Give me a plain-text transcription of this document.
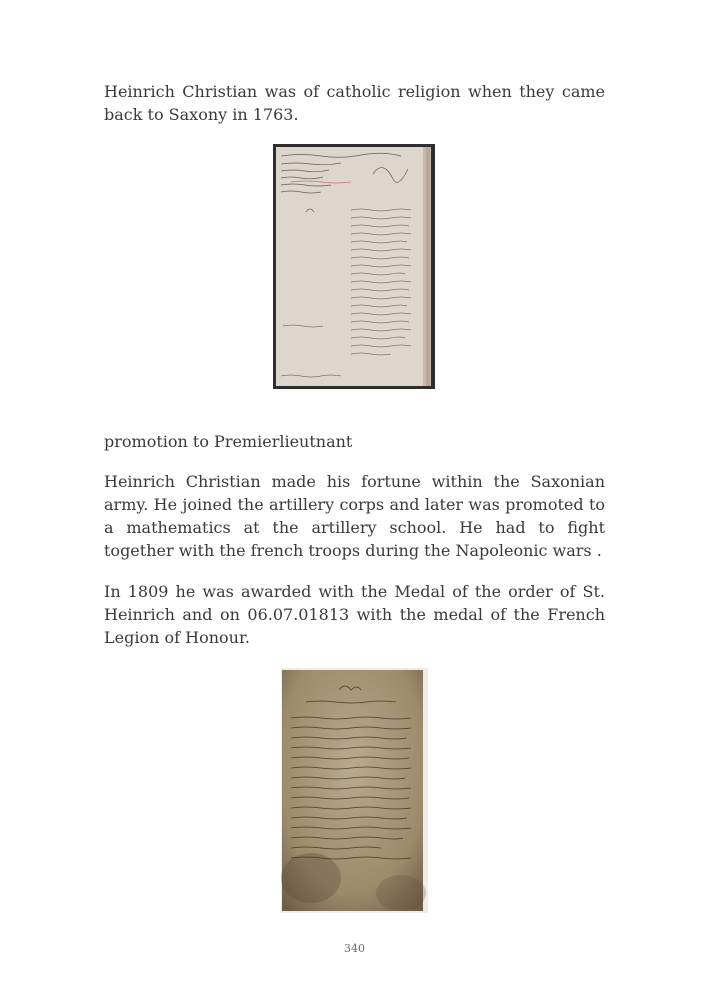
Heinrich Christian was of catholic religion when they came back to Saxony in 1763.

promotion to Premierlieutnant

Heinrich Christian made his fortune within the Saxonian army. He joined the artillery corps and later was promoted to a mathematics at the artillery school. He had to fight together with the french troops during the Napoleonic wars .

In 1809 he was awarded with the Medal of the order of St. Heinrich and on 06.07.01813 with the medal of the French Legion of Honour.

340
